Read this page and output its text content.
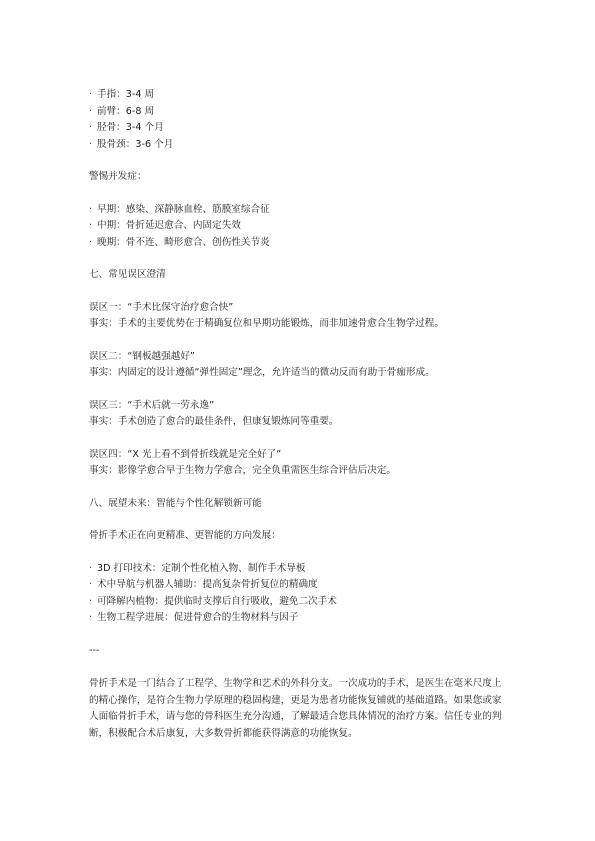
· 手指：3-4 周
· 前臂：6-8 周
· 胫骨：3-4 个月
· 股骨颈：3-6 个月
警惕并发症：
· 早期：感染、深静脉血栓、筋膜室综合征
· 中期：骨折延迟愈合、内固定失效
· 晚期：骨不连、畸形愈合、创伤性关节炎
七、常见误区澄清
误区一：“手术比保守治疗愈合快”
事实：手术的主要优势在于精确复位和早期功能锻炼，而非加速骨愈合生物学过程。
误区二：“钢板越强越好”
事实：内固定的设计遵循“弹性固定”理念，允许适当的微动反而有助于骨痂形成。
误区三：“手术后就一劳永逸”
事实：手术创造了愈合的最佳条件，但康复锻炼同等重要。
误区四：“X 光上看不到骨折线就是完全好了”
事实：影像学愈合早于生物力学愈合，完全负重需医生综合评估后决定。
八、展望未来：智能与个性化解锁新可能
骨折手术正在向更精准、更智能的方向发展：
· 3D 打印技术：定制个性化植入物、制作手术导板
· 术中导航与机器人辅助：提高复杂骨折复位的精确度
· 可降解内植物：提供临时支撑后自行吸收，避免二次手术
· 生物工程学进展：促进骨愈合的生物材料与因子
---

骨折手术是一门结合了工程学、生物学和艺术的外科分支。一次成功的手术，是医生在毫米尺度上的精心操作，是符合生物力学原理的稳固构建，更是为患者功能恢复铺就的基础道路。如果您或家人面临骨折手术，请与您的骨科医生充分沟通，了解最适合您具体情况的治疗方案。信任专业的判断，积极配合术后康复，大多数骨折都能获得满意的功能恢复。
